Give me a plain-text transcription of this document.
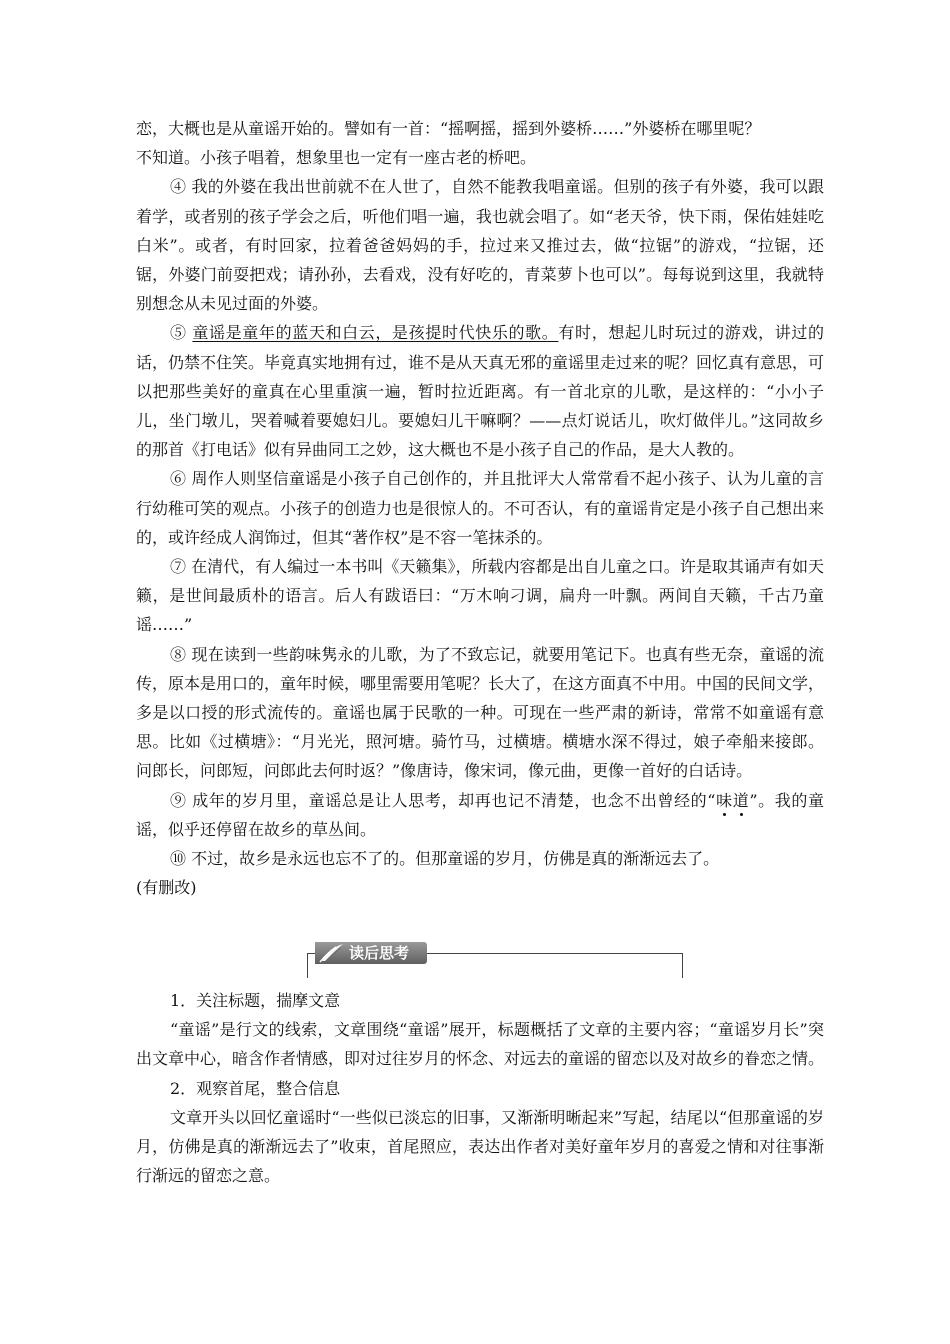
恋，大概也是从童谣开始的。譬如有一首：“摇啊摇，摇到外婆桥……”外婆桥在哪里呢？

不知道。小孩子唱着，想象里也一定有一座古老的桥吧。

④ 我的外婆在我出世前就不在人世了，自然不能教我唱童谣。但别的孩子有外婆，我可以跟着学，或者别的孩子学会之后，听他们唱一遍，我也就会唱了。如“老天爷，快下雨，保佑娃娃吃白米”。或者，有时回家，拉着爸爸妈妈的手，拉过来又推过去，做“拉锯”的游戏，“拉锯，还锯，外婆门前耍把戏；请孙孙，去看戏，没有好吃的，青菜萝卜也可以”。每每说到这里，我就特别想念从未见过面的外婆。

⑤ 童谣是童年的蓝天和白云，是孩提时代快乐的歌。有时，想起儿时玩过的游戏，讲过的话，仍禁不住笑。毕竟真实地拥有过，谁不是从天真无邪的童谣里走过来的呢？回忆真有意思，可以把那些美好的童真在心里重演一遍，暂时拉近距离。有一首北京的儿歌，是这样的：“小小子儿，坐门墩儿，哭着喊着要媳妇儿。要媳妇儿干嘛啊？——点灯说话儿，吹灯做伴儿。”这同故乡的那首《打电话》似有异曲同工之妙，这大概也不是小孩子自己的作品，是大人教的。

⑥ 周作人则坚信童谣是小孩子自己创作的，并且批评大人常常看不起小孩子、认为儿童的言行幼稚可笑的观点。小孩子的创造力也是很惊人的。不可否认，有的童谣肯定是小孩子自己想出来的，或许经成人润饰过，但其“著作权”是不容一笔抹杀的。

⑦ 在清代，有人编过一本书叫《天籁集》，所载内容都是出自儿童之口。许是取其诵声有如天籁，是世间最质朴的语言。后人有跋语曰：“万木响刁调，扁舟一叶飘。两间自天籁，千古乃童谣……”

⑧ 现在读到一些韵味隽永的儿歌，为了不致忘记，就要用笔记下。也真有些无奈，童谣的流传，原本是用口的，童年时候，哪里需要用笔呢？长大了，在这方面真不中用。中国的民间文学，多是以口授的形式流传的。童谣也属于民歌的一种。可现在一些严肃的新诗，常常不如童谣有意思。比如《过横塘》：“月光光，照河塘。骑竹马，过横塘。横塘水深不得过，娘子牵船来接郎。问郎长，问郎短，问郎此去何时返？”像唐诗，像宋词，像元曲，更像一首好的白话诗。

⑨ 成年的岁月里，童谣总是让人思考，却再也记不清楚，也念不出曾经的“味道”。我的童谣，似乎还停留在故乡的草丛间。

⑩ 不过，故乡是永远也忘不了的。但那童谣的岁月，仿佛是真的渐渐远去了。

(有删改)

读后思考

1．关注标题，揣摩文意

“童谣”是行文的线索，文章围绕“童谣”展开，标题概括了文章的主要内容；“童谣岁月长”突出文章中心，暗含作者情感，即对过往岁月的怀念、对远去的童谣的留恋以及对故乡的眷恋之情。

2．观察首尾，整合信息

文章开头以回忆童谣时“一些似已淡忘的旧事，又渐渐明晰起来”写起，结尾以“但那童谣的岁月，仿佛是真的渐渐远去了”收束，首尾照应，表达出作者对美好童年岁月的喜爱之情和对往事渐行渐远的留恋之意。
